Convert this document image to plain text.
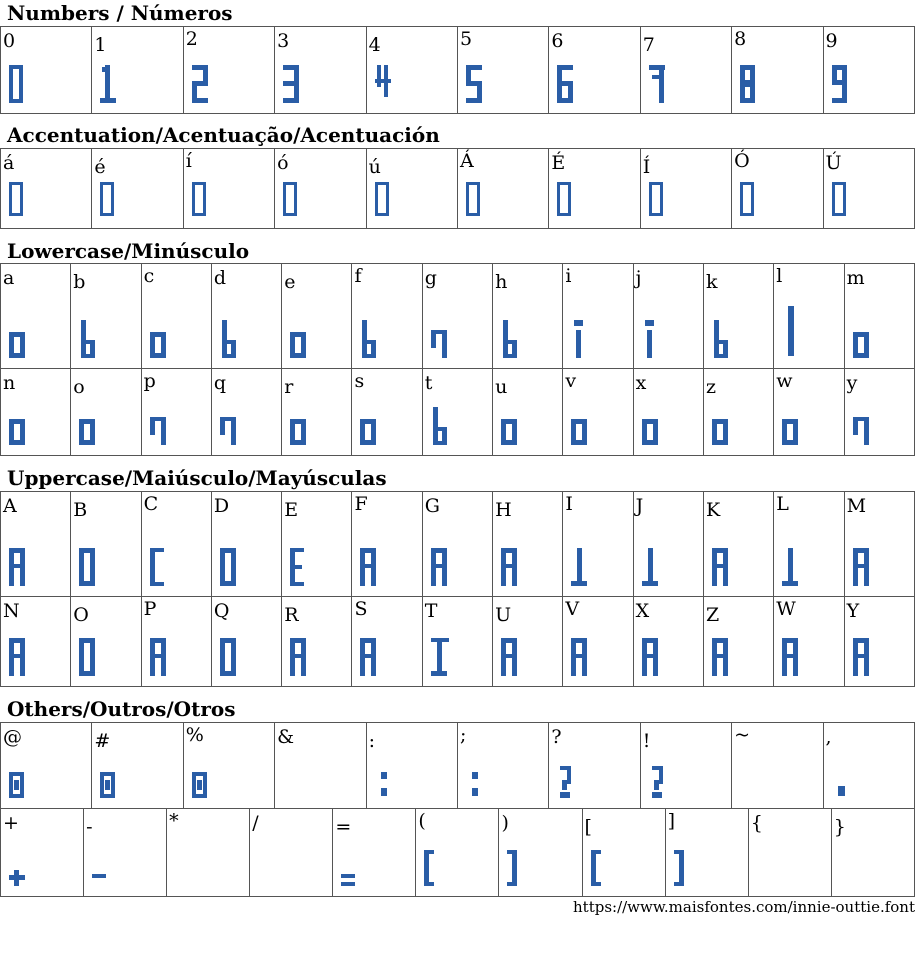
Numbers / Números
0	1	2	3	4	5	6	7	8	9
Accentuation/Acentuação/Acentuación
á	é	í	ó	ú	Á	É	Í	Ó	Ú
Lowercase/Minúsculo
a	b	c	d	e	f	g	h	i	j	k	l	m
n	o	p	q	r	s	t	u	v	x	z	w	y
Uppercase/Maiúsculo/Mayúsculas
A	B	C	D	E	F	G	H	I	J	K	L	M
N	O	P	Q	R	S	T	U	V	X	Z	W	Y
Others/Outros/Otros
@	#	%	&	:	;	?	!	~	,
+	-	*	/	=	(	)	[	]	{	}
https://www.maisfontes.com/innie-outtie.font
